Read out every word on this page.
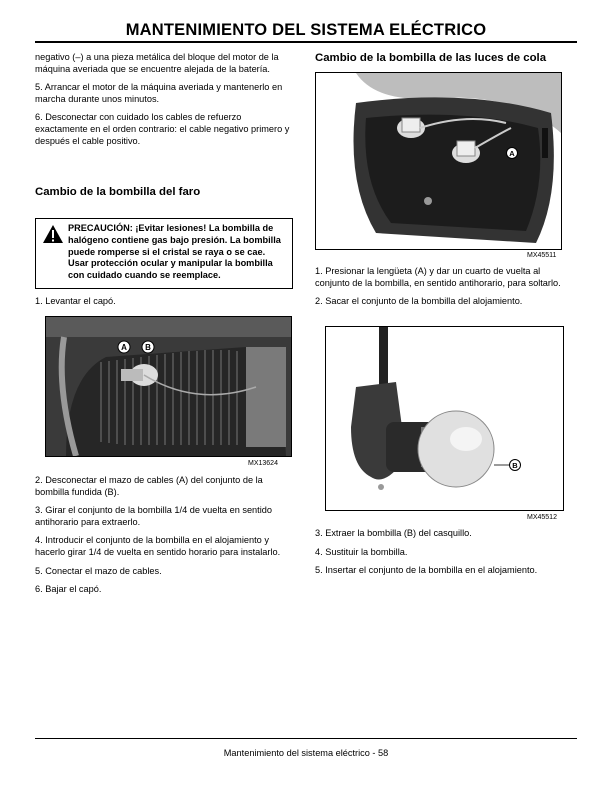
MANTENIMIENTO DEL SISTEMA ELÉCTRICO

negativo (–) a una pieza metálica del bloque del motor de la máquina averiada que se encuentre alejada de la batería.

5. Arrancar el motor de la máquina averiada y mantenerlo en marcha durante unos minutos.

6. Desconectar con cuidado los cables de refuerzo exactamente en el orden contrario: el cable negativo primero y después el cable positivo.

Cambio de la bombilla del faro
PRECAUCIÓN: ¡Evitar lesiones! La bombilla de halógeno contiene gas bajo presión. La bombilla puede romperse si el cristal se raya o se cae. Usar protección ocular y manipular la bombilla con cuidado cuando se reemplace.

1. Levantar el capó.

A B
MX13624

2. Desconectar el mazo de cables (A) del conjunto de la bombilla fundida (B).

3. Girar el conjunto de la bombilla 1/4 de vuelta en sentido antihorario para extraerlo.

4. Introducir el conjunto de la bombilla en el alojamiento y hacerlo girar 1/4 de vuelta en sentido horario para instalarlo.

5. Conectar el mazo de cables.

6. Bajar el capó.

Cambio de la bombilla de las luces de cola
A
MX45511

1. Presionar la lengüeta (A) y dar un cuarto de vuelta al conjunto de la bombilla, en sentido antihorario, para soltarlo.

2. Sacar el conjunto de la bombilla del alojamiento.

B
MX45512

3. Extraer la bombilla (B) del casquillo.

4. Sustituir la bombilla.

5. Insertar el conjunto de la bombilla en el alojamiento.

Mantenimiento del sistema eléctrico - 58
